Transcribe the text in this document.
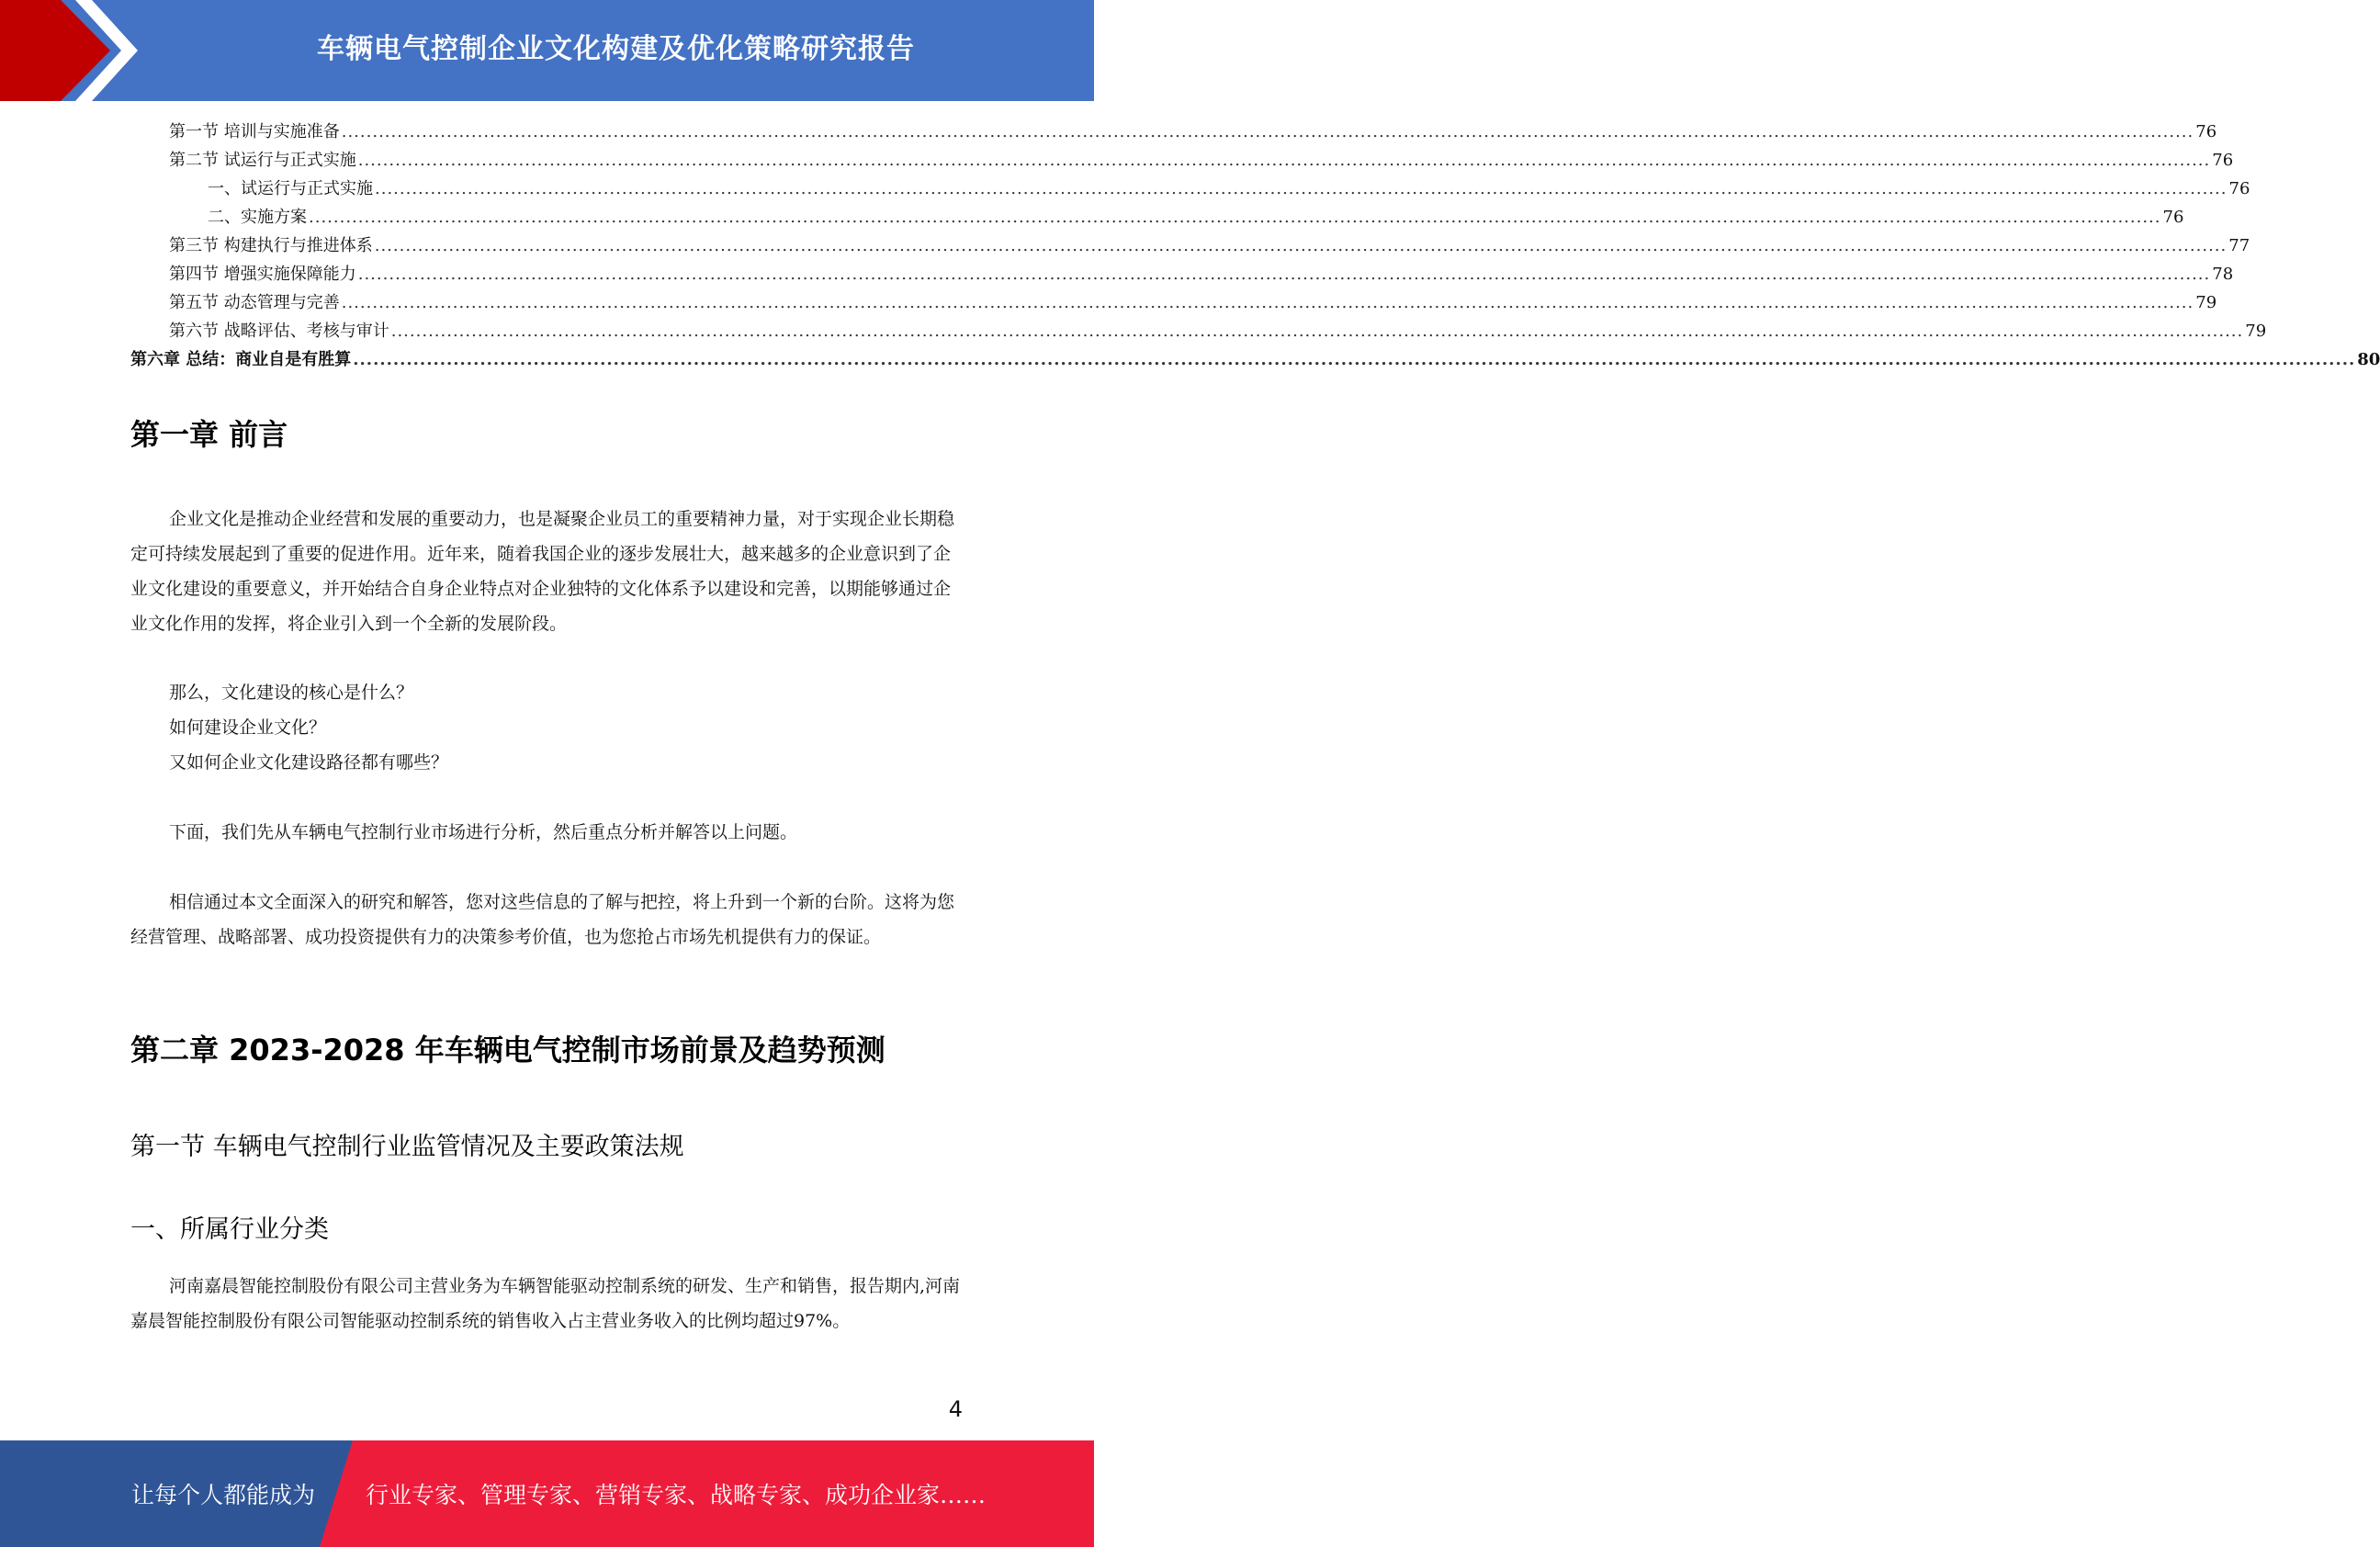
车辆电气控制企业文化构建及优化策略研究报告
第一节 培训与实施准备 ............................................................................................................................................................................................................................................................................................................ 76
第二节 试运行与正式实施 ............................................................................................................................................................................................................................................................................................................ 76
一、试运行与正式实施 ............................................................................................................................................................................................................................................................................................................ 76
二、实施方案 ............................................................................................................................................................................................................................................................................................................ 76
第三节 构建执行与推进体系 ............................................................................................................................................................................................................................................................................................................ 77
第四节 增强实施保障能力 ............................................................................................................................................................................................................................................................................................................ 78
第五节 动态管理与完善 ............................................................................................................................................................................................................................................................................................................ 79
第六节 战略评估、考核与审计 ............................................................................................................................................................................................................................................................................................................ 79
第六章 总结：商业自是有胜算 ............................................................................................................................................................................................................................................................................................................ 80
第一章 前言

企业文化是推动企业经营和发展的重要动力，也是凝聚企业员工的重要精神力量，对于实现企业长期稳定可持续发展起到了重要的促进作用。近年来，随着我国企业的逐步发展壮大，越来越多的企业意识到了企业文化建设的重要意义，并开始结合自身企业特点对企业独特的文化体系予以建设和完善，以期能够通过企业文化作用的发挥，将企业引入到一个全新的发展阶段。

那么，文化建设的核心是什么？

如何建设企业文化？

又如何企业文化建设路径都有哪些？

下面，我们先从车辆电气控制行业市场进行分析，然后重点分析并解答以上问题。

相信通过本文全面深入的研究和解答，您对这些信息的了解与把控，将上升到一个新的台阶。这将为您经营管理、战略部署、成功投资提供有力的决策参考价值，也为您抢占市场先机提供有力的保证。

第二章 2023-2028 年车辆电气控制市场前景及趋势预测
第一节 车辆电气控制行业监管情况及主要政策法规
一、所属行业分类

河南嘉晨智能控制股份有限公司主营业务为车辆智能驱动控制系统的研发、生产和销售，报告期内,河南嘉晨智能控制股份有限公司智能驱动控制系统的销售收入占主营业务收入的比例均超过97%。

4
让每个人都能成为 行业专家、管理专家、营销专家、战略专家、成功企业家……
